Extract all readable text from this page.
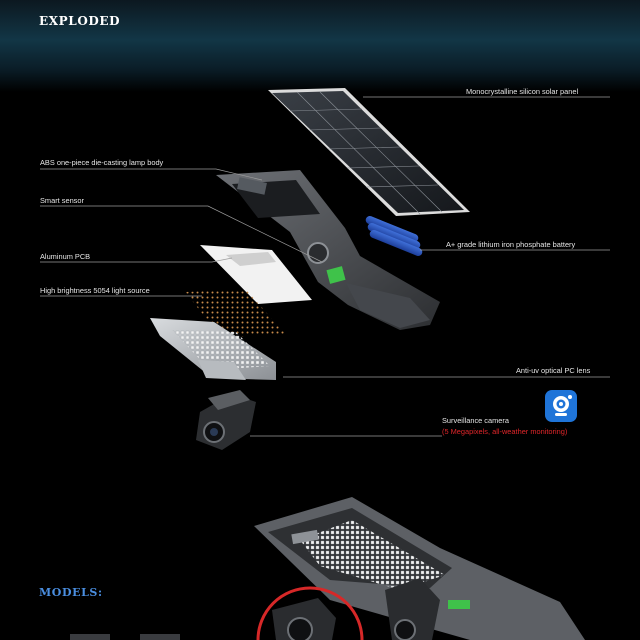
EXPLODED
Monocrystalline silicon solar panel
ABS one-piece die-casting lamp body
Smart sensor
A+ grade lithium iron phosphate battery
Aluminum PCB
High brightness 5054 light source
Anti-uv optical PC lens
Surveillance camera
(5 Megapixels, all-weather monitoring)
MODELS:
